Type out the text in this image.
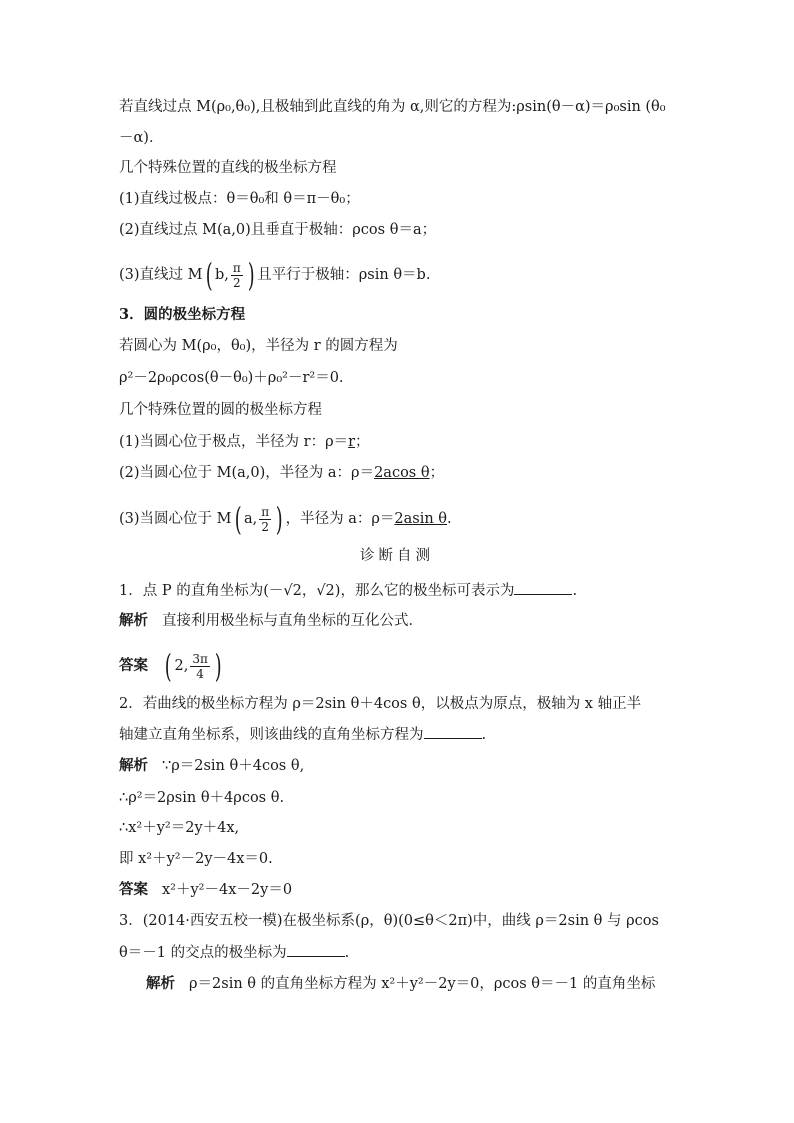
若直线过点 M(ρ₀,θ₀),且极轴到此直线的角为 α,则它的方程为:ρsin(θ－α)＝ρ₀sin (θ₀
－α)．
几个特殊位置的直线的极坐标方程
(1)直线过极点：θ＝θ₀和 θ＝π－θ₀；
(2)直线过点 M(a,0)且垂直于极轴：ρcos θ＝a；
(3)直线过 M( b, $\frac{\pi}{2}$ ) 且平行于极轴：ρsin θ＝b.
3．圆的极坐标方程
若圆心为 M(ρ₀，θ₀)，半径为 r 的圆方程为
ρ²－2ρ₀ρcos(θ－θ₀)＋ρ₀²－r²＝0.
几个特殊位置的圆的极坐标方程
(1)当圆心位于极点，半径为 r：ρ＝r；
(2)当圆心位于 M(a,0)，半径为 a：ρ＝2acos θ；
(3)当圆心位于 M( a, $\frac{\pi}{2}$ ) ，半径为 a：ρ＝2asin θ.
诊断自测
1．点 P 的直角坐标为(－√2，√2)，那么它的极坐标可表示为	.
解析 直接利用极坐标与直角坐标的互化公式．
答案 ( 2, $\frac{3\pi}{4}$ )
2．若曲线的极坐标方程为 ρ＝2sin θ＋4cos θ，以极点为原点，极轴为 x 轴正半
轴建立直角坐标系，则该曲线的直角坐标方程为	.
解析 ∵ρ＝2sin θ＋4cos θ,
∴ρ²＝2ρsin θ＋4ρcos θ.
∴x²＋y²＝2y＋4x,
即 x²＋y²－2y－4x＝0.
答案 x²＋y²－4x－2y＝0
3．(2014·西安五校一模)在极坐标系(ρ，θ)(0≤θ＜2π)中，曲线 ρ＝2sin θ 与 ρcos
θ＝－1 的交点的极坐标为	.
解析 ρ＝2sin θ 的直角坐标方程为 x²＋y²－2y＝0，ρcos θ＝－1 的直角坐标
